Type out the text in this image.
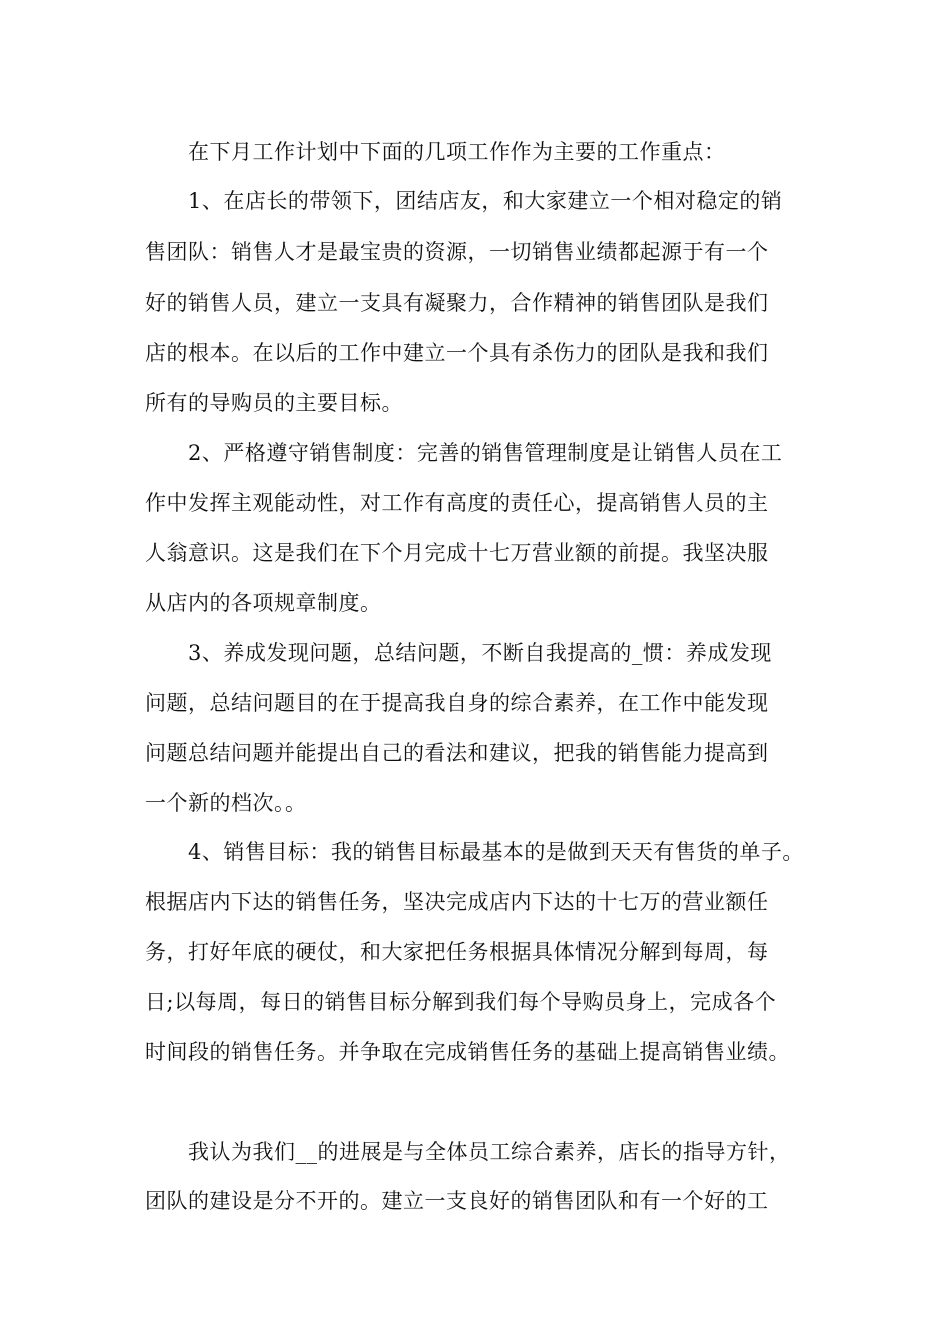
在下月工作计划中下面的几项工作作为主要的工作重点：

1、在店长的带领下，团结店友，和大家建立一个相对稳定的销

售团队：销售人才是最宝贵的资源，一切销售业绩都起源于有一个

好的销售人员，建立一支具有凝聚力，合作精神的销售团队是我们

店的根本。在以后的工作中建立一个具有杀伤力的团队是我和我们

所有的导购员的主要目标。

2、严格遵守销售制度：完善的销售管理制度是让销售人员在工

作中发挥主观能动性，对工作有高度的责任心，提高销售人员的主

人翁意识。这是我们在下个月完成十七万营业额的前提。我坚决服

从店内的各项规章制度。

3、养成发现问题，总结问题，不断自我提高的_惯：养成发现

问题，总结问题目的在于提高我自身的综合素养，在工作中能发现

问题总结问题并能提出自己的看法和建议，把我的销售能力提高到

一个新的档次。。

4、销售目标：我的销售目标最基本的是做到天天有售货的单子。

根据店内下达的销售任务，坚决完成店内下达的十七万的营业额任

务，打好年底的硬仗，和大家把任务根据具体情况分解到每周，每

日;以每周，每日的销售目标分解到我们每个导购员身上，完成各个

时间段的销售任务。并争取在完成销售任务的基础上提高销售业绩。

我认为我们__的进展是与全体员工综合素养，店长的指导方针，

团队的建设是分不开的。建立一支良好的销售团队和有一个好的工
